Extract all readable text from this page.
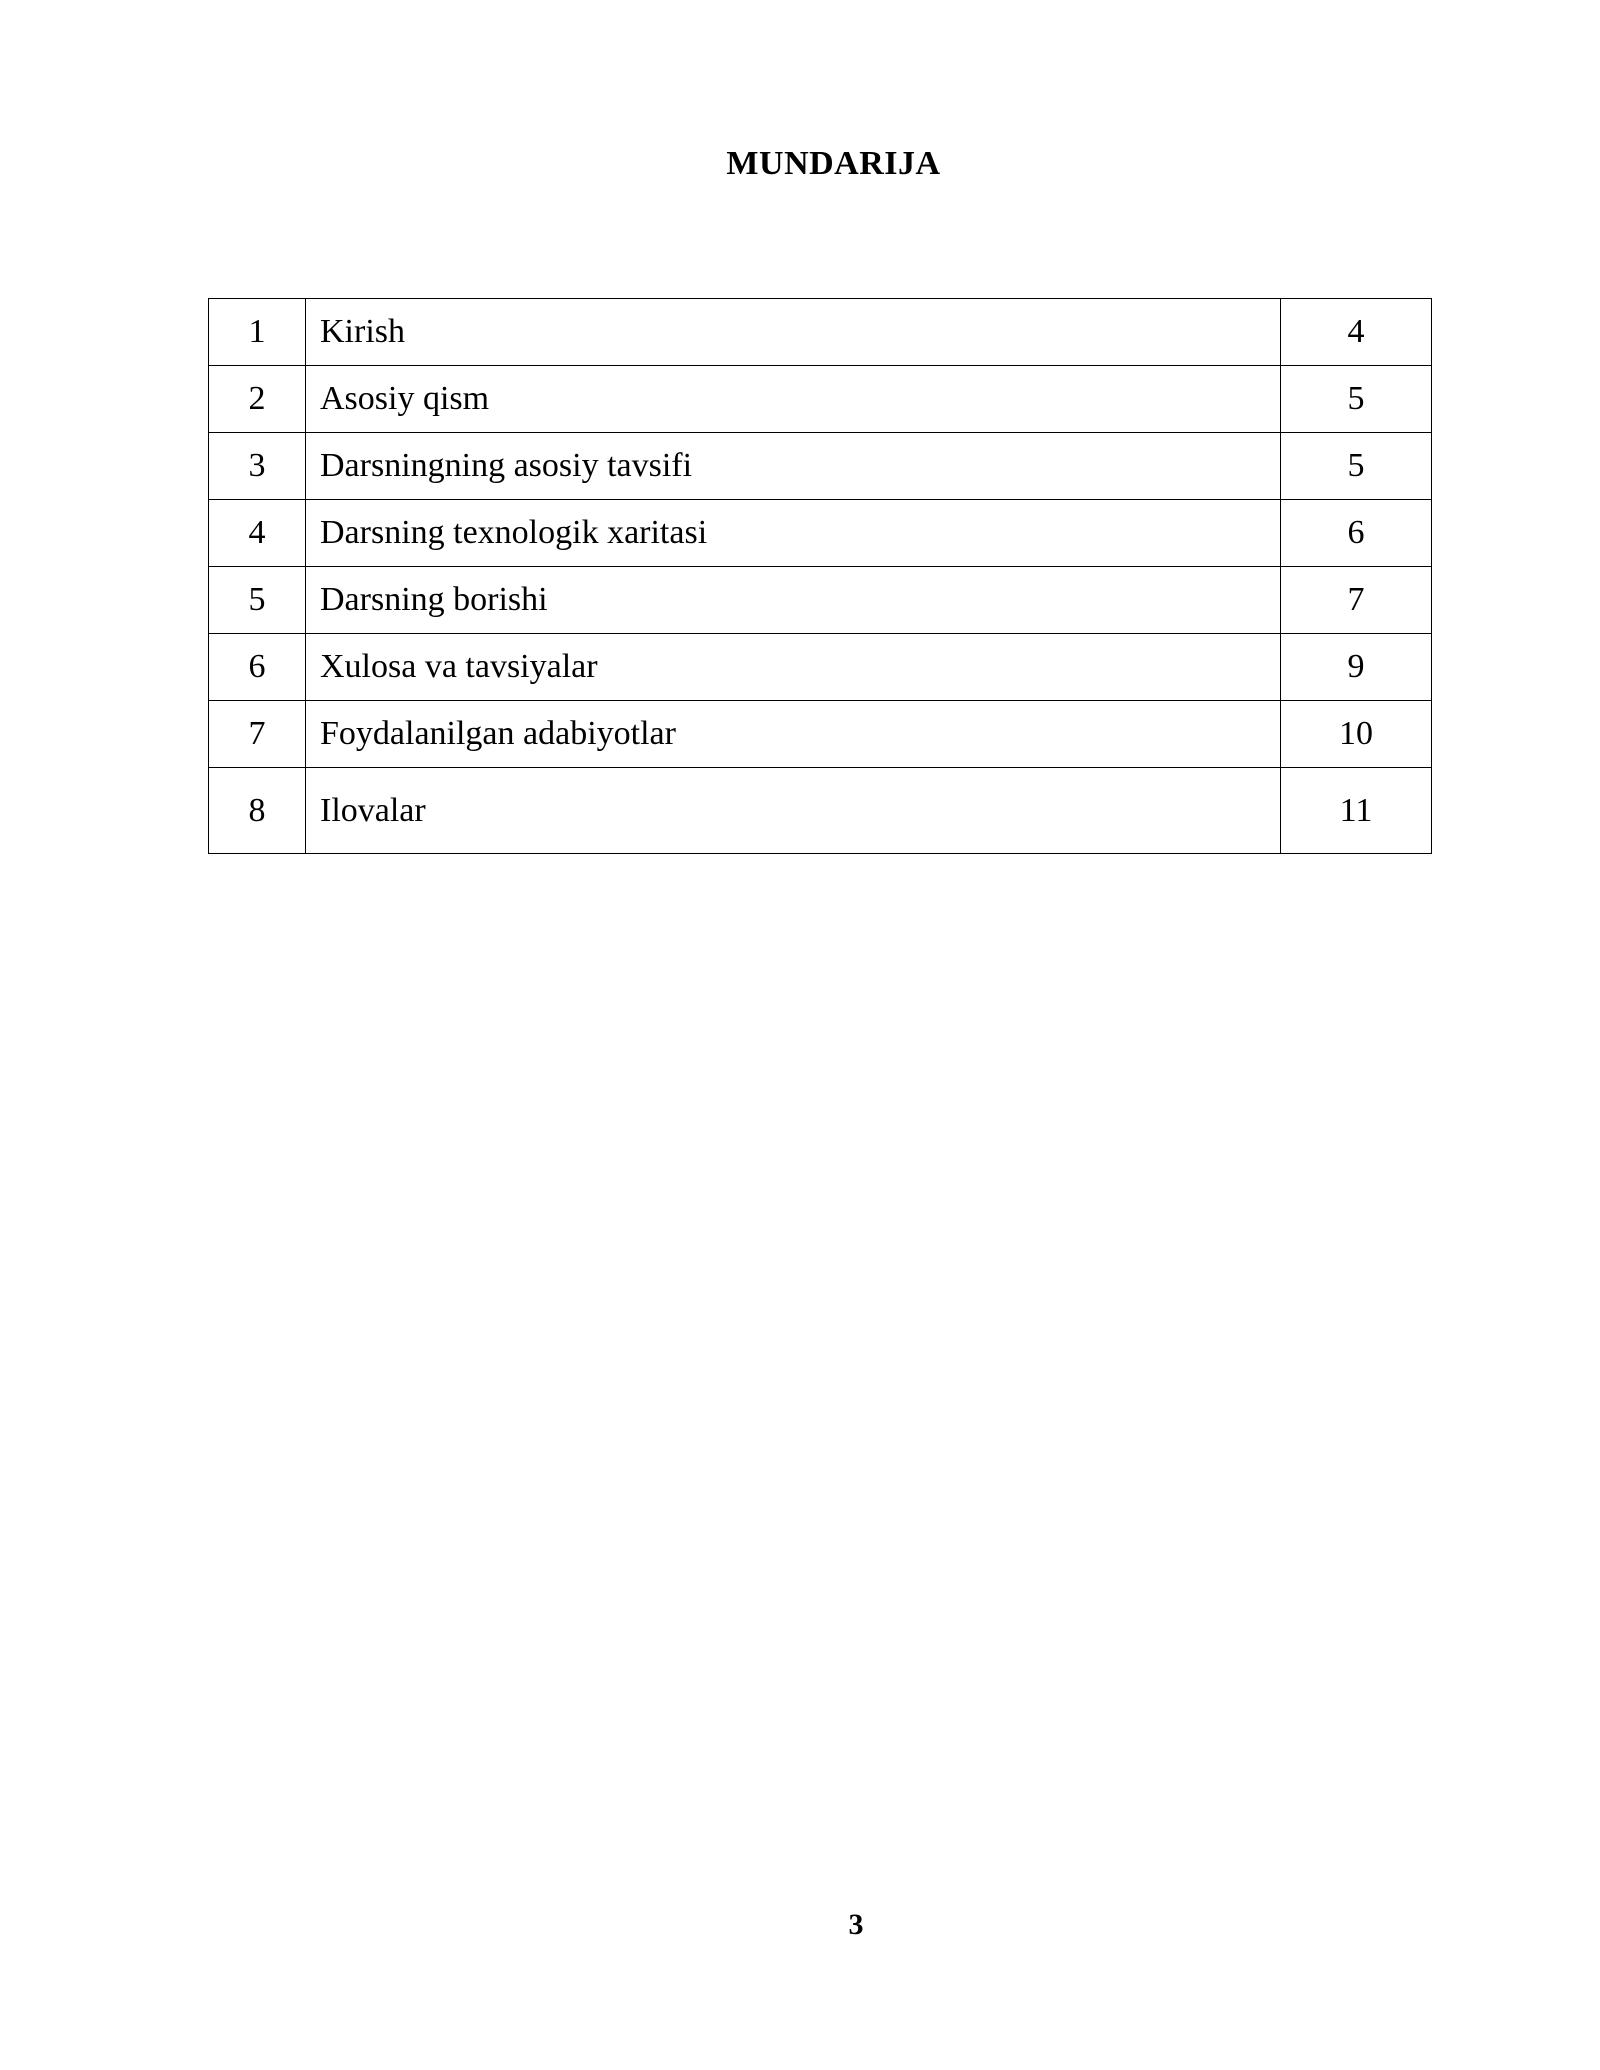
MUNDARIJA
1	Kirish	4
2	Asosiy qism	5
3	Darsningning asosiy tavsifi	5
4	Darsning texnologik xaritasi	6
5	Darsning borishi	7
6	Xulosa va tavsiyalar	9
7	Foydalanilgan adabiyotlar	10
8	Ilovalar	11
3
